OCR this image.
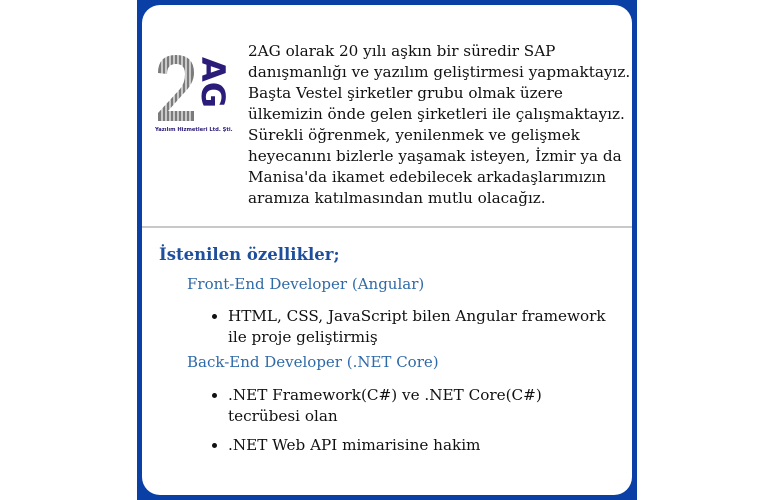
AG
Yazılım Hizmetleri Ltd. Şti.
2AG olarak 20 yılı aşkın bir süredir SAP danışmanlığı ve yazılım geliştirmesi yapmaktayız. Başta Vestel şirketler grubu olmak üzere ülkemizin önde gelen şirketleri ile çalışmaktayız. Sürekli öğrenmek, yenilenmek ve gelişmek heyecanını bizlerle yaşamak isteyen, İzmir ya da Manisa'da ikamet edebilecek arkadaşlarımızın aramıza katılmasından mutlu olacağız.
İstenilen özellikler;
Front-End Developer (Angular)
• HTML, CSS, JavaScript bilen Angular framework ile proje geliştirmiş
Back-End Developer (.NET Core)
• .NET Framework(C#) ve .NET Core(C#) tecrübesi olan
• .NET Web API mimarisine hakim
